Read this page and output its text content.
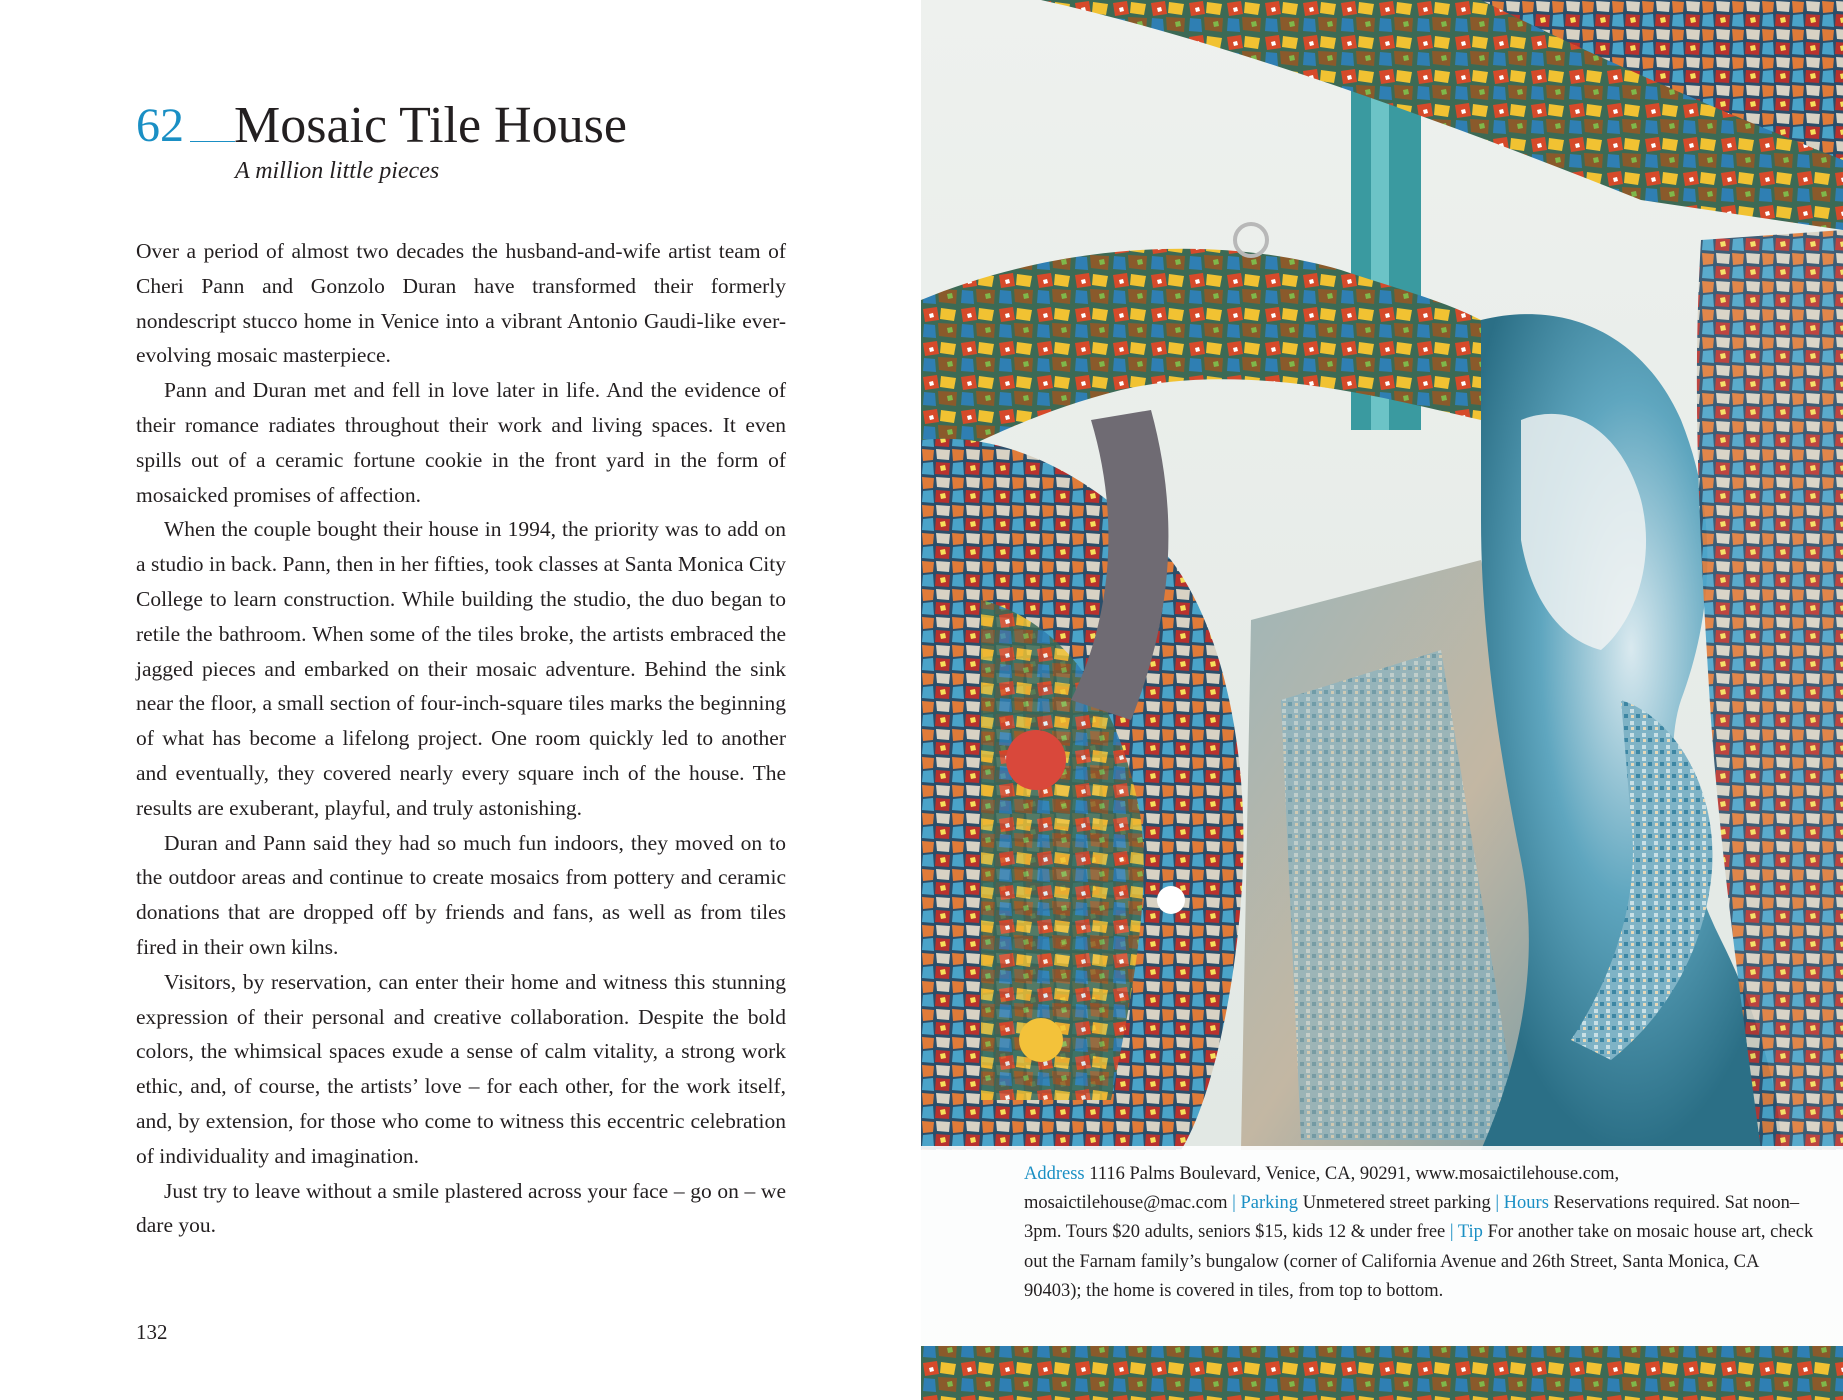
62 Mosaic Tile House
A million little pieces

Over a period of almost two decades the husband-and-wife artist team of Cheri Pann and Gonzolo Duran have transformed their formerly nondescript stucco home in Venice into a vibrant Antonio Gaudi-like ever-evolving mosaic masterpiece.

Pann and Duran met and fell in love later in life. And the evidence of their romance radiates throughout their work and living spaces. It even spills out of a ceramic fortune cookie in the front yard in the form of mosaicked promises of affection.

When the couple bought their house in 1994, the priority was to add on a studio in back. Pann, then in her fifties, took classes at Santa Monica City College to learn construction. While building the studio, the duo began to retile the bathroom. When some of the tiles broke, the artists embraced the jagged pieces and embarked on their mosaic adventure. Behind the sink near the floor, a small section of four-inch-square tiles marks the beginning of what has become a lifelong project. One room quickly led to another and eventually, they covered nearly every square inch of the house. The results are exuberant, playful, and truly astonishing.

Duran and Pann said they had so much fun indoors, they moved on to the outdoor areas and continue to create mosaics from pottery and ceramic donations that are dropped off by friends and fans, as well as from tiles fired in their own kilns.

Visitors, by reservation, can enter their home and witness this stunning expression of their personal and creative collaboration. Despite the bold colors, the whimsical spaces exude a sense of calm vitality, a strong work ethic, and, of course, the artists’ love – for each other, for the work itself, and, by extension, for those who come to witness this eccentric celebration of individuality and imagination.

Just try to leave without a smile plastered across your face – go on – we dare you.

132
Address 1116 Palms Boulevard, Venice, CA, 90291, www.mosaictilehouse.com, mosaictilehouse@mac.com | Parking Unmetered street parking | Hours Reservations required. Sat noon–3pm. Tours $20 adults, seniors $15, kids 12 & under free | Tip For another take on mosaic house art, check out the Farnam family’s bungalow (corner of California Avenue and 26th Street, Santa Monica, CA 90403); the home is covered in tiles, from top to bottom.
